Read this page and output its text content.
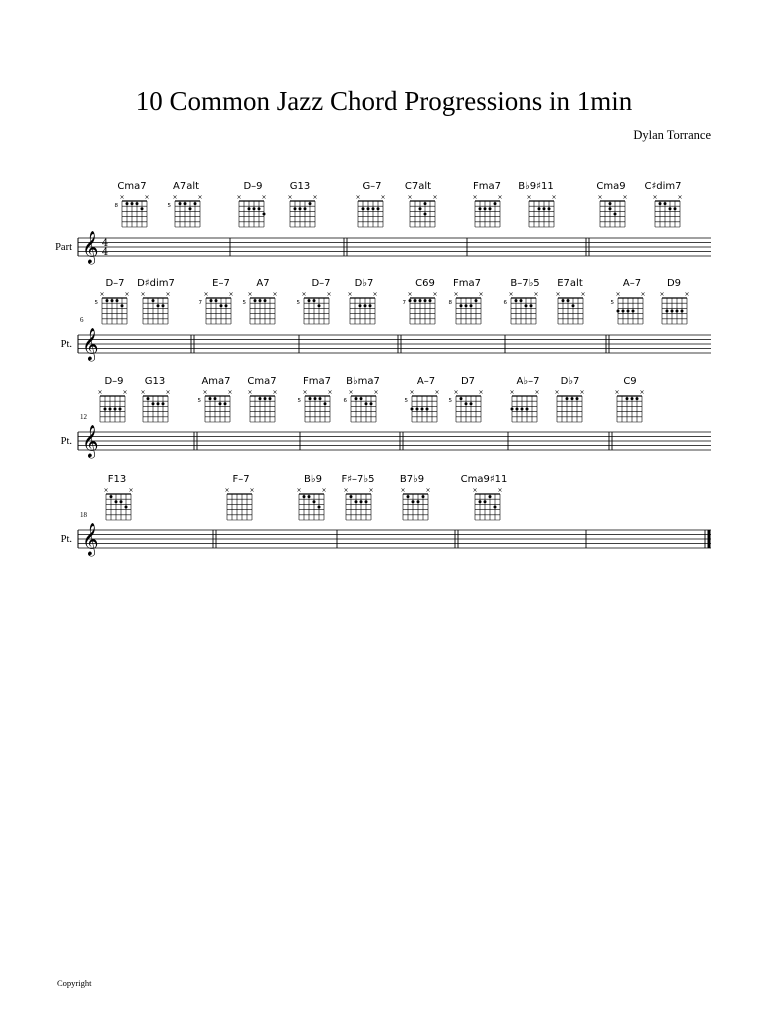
10 Common Jazz Chord Progressions in 1min
Dylan Torrance
𝄞 4
4
Part
Cma7
×	×
8
A7alt
×	×
5
D–9
×	×
G13
×	×
G–7
×	×
C7alt
×	×
Fma7
×	×
B♭9♯11
×	×
Cma9
×	×
C♯dim7
×	×
𝄞
Pt.
6
D–7
×	×
5
D♯dim7
×	×
E–7
×	×
7
A7
×	×
5
D–7
×	×
5
D♭7
×	×
C69
×	×
7
Fma7
×	×
8
B–7♭5
×	×
6
E7alt
×	×
A–7
×	×
5
D9
×	×
𝄞
Pt.
12
D–9
×	×
G13
×	×
Ama7
×	×
5
Cma7
×	×
Fma7
×	×
5
B♭ma7
×	×
6
A–7
×	×
5
D7
×	×
5
A♭–7
×	×
D♭7
×	×
C9
×	×
𝄞
Pt.
18
F13
×	×
F–7
×	×
B♭9
×	×
F♯–7♭5
×	×
B7♭9
×	×
Cma9♯11
×	×
Copyright
